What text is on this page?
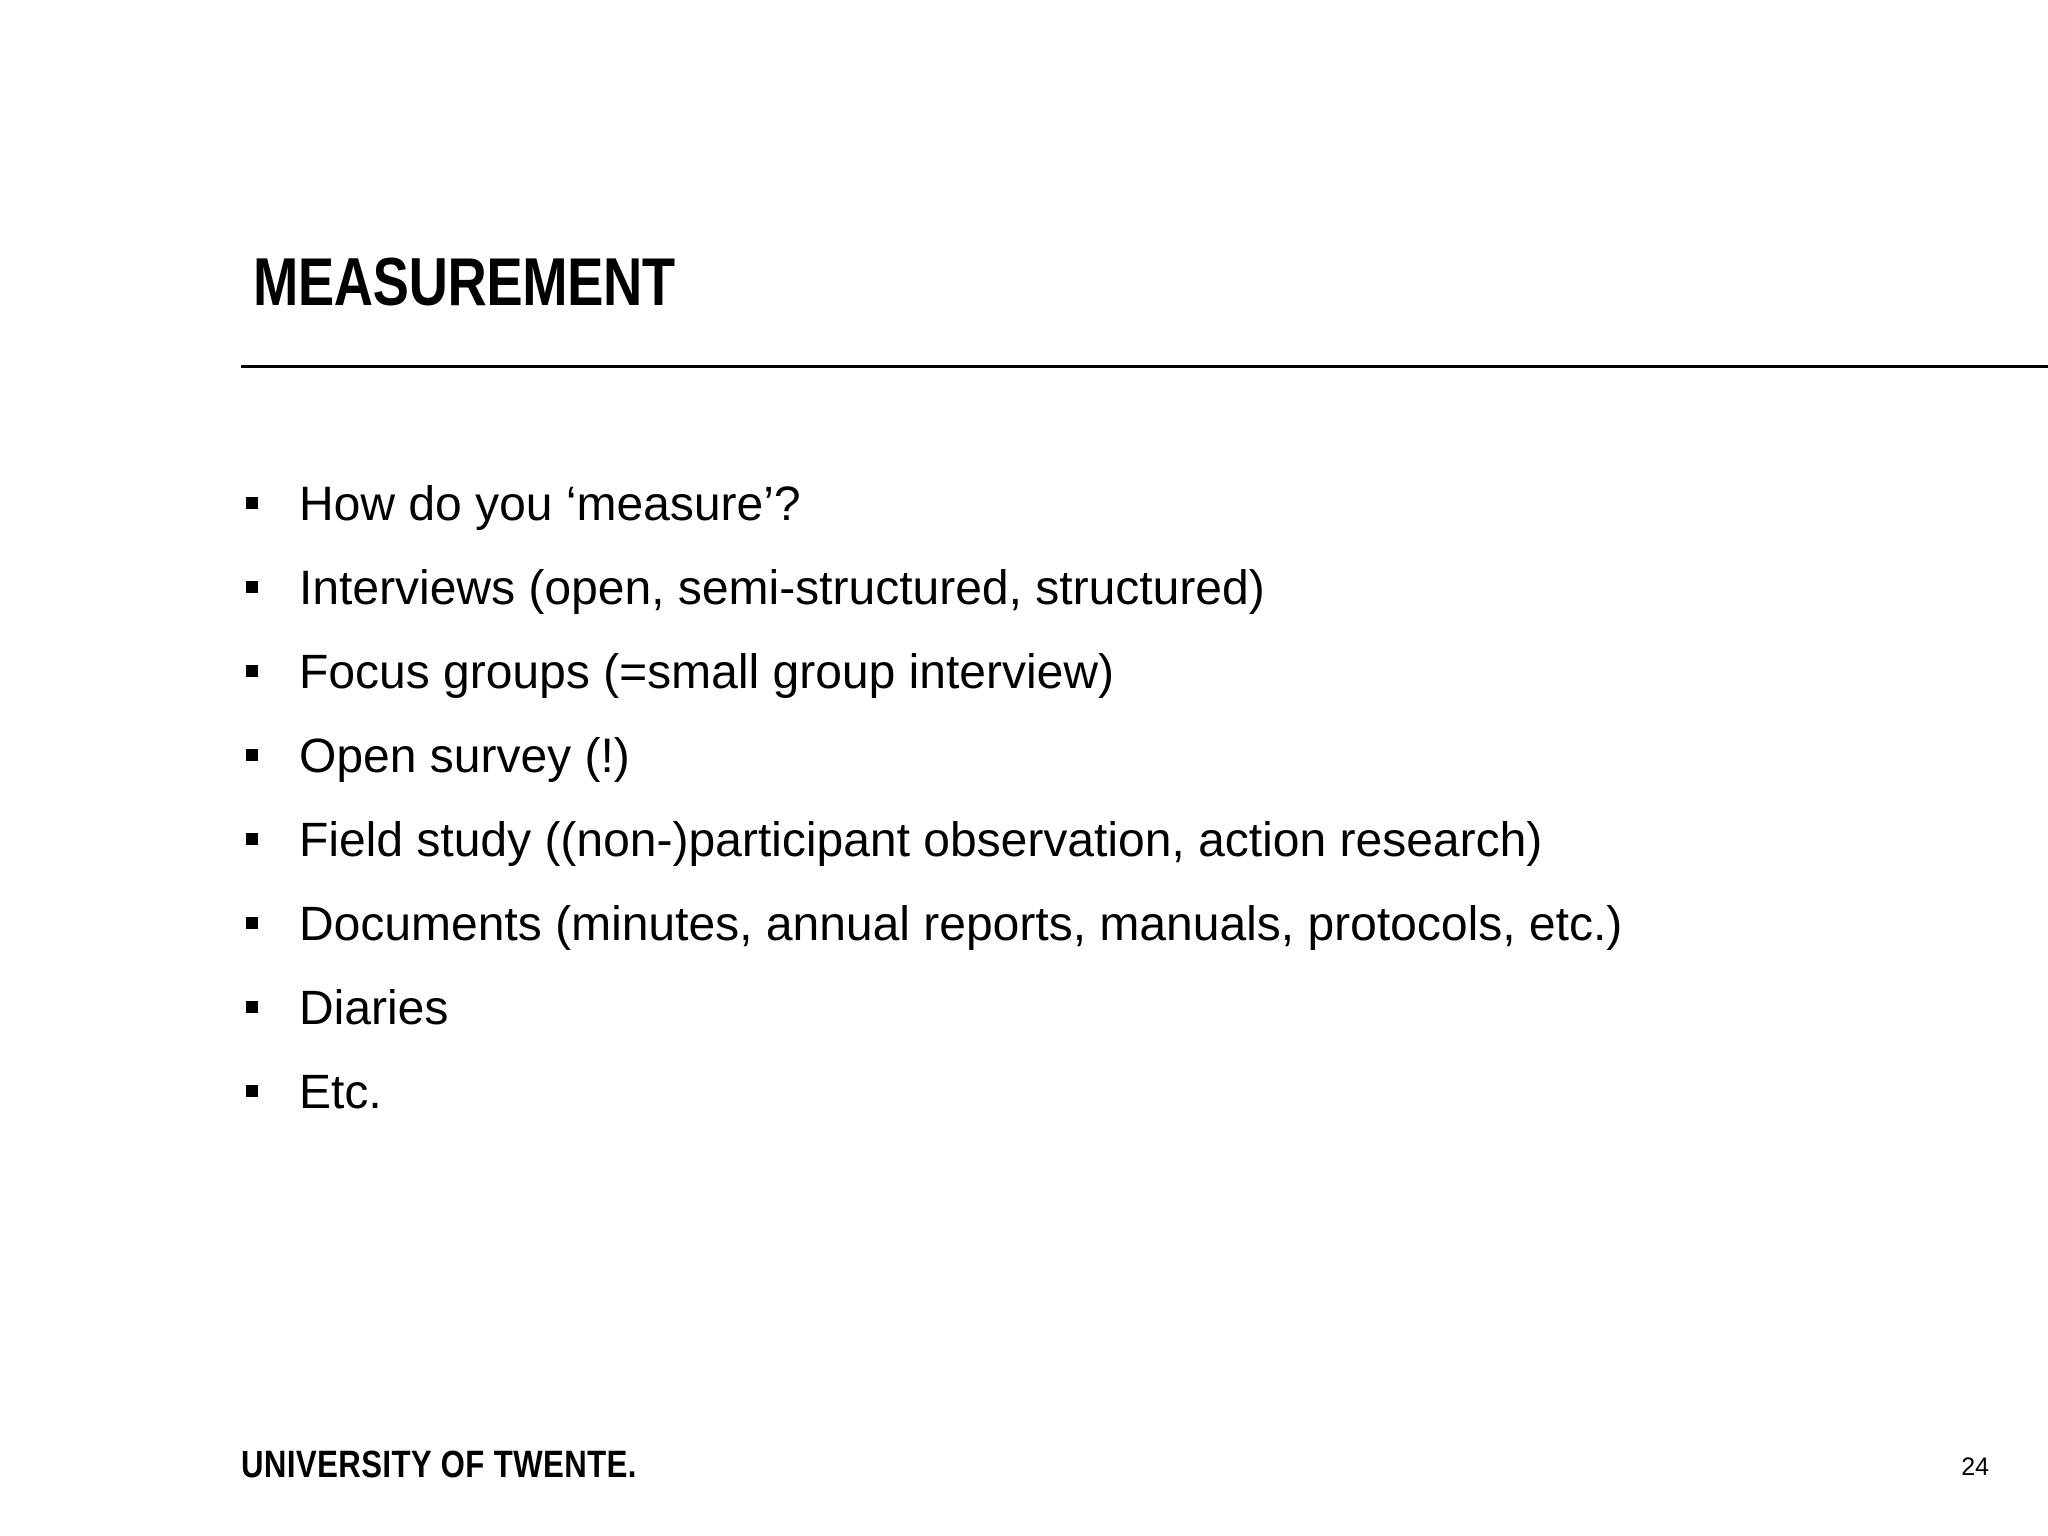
MEASUREMENT
How do you ‘measure’?
Interviews (open, semi-structured, structured)
Focus groups (=small group interview)
Open survey (!)
Field study ((non-)participant observation, action research)
Documents (minutes, annual reports, manuals, protocols, etc.)
Diaries
Etc.
UNIVERSITY OF TWENTE.	24
